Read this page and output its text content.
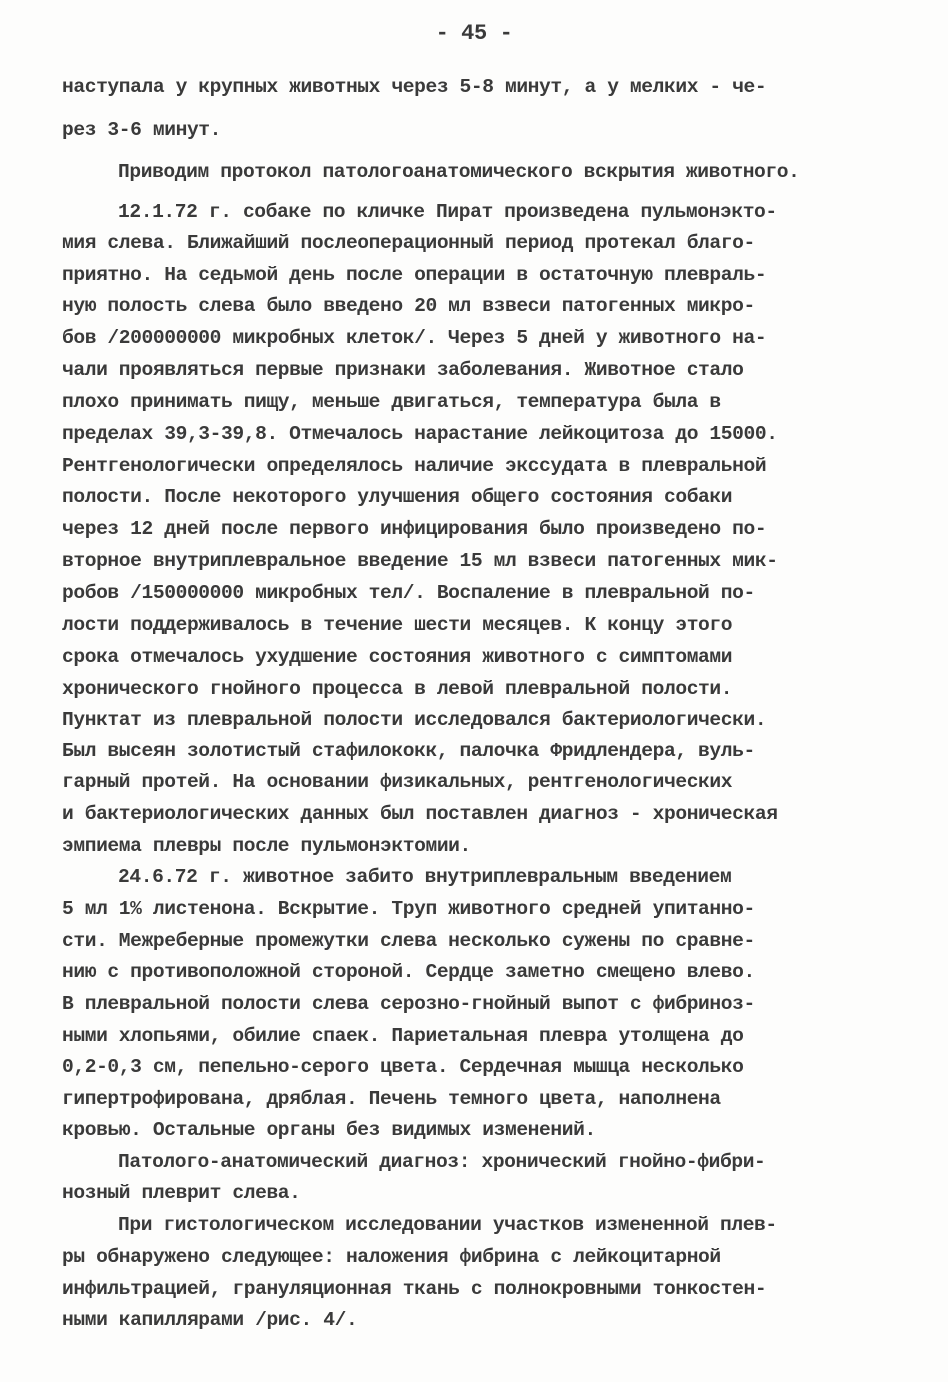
- 45 -
наступала у крупных животных через 5-8 минут, а у мелких - че-
рез 3-6 минут.
Приводим протокол патологоанатомического вскрытия животного.
12.1.72 г. собаке по кличке Пират произведена пульмонэкто-
мия слева. Ближайший послеоперационный период протекал благо-
приятно. На седьмой день после операции в остаточную плевраль-
ную полость слева было введено 20 мл взвеси патогенных микро-
бов /200000000 микробных клеток/. Через 5 дней у животного на-
чали проявляться первые признаки заболевания. Животное стало
плохо принимать пищу, меньше двигаться, температура была в
пределах 39,3-39,8. Отмечалось нарастание лейкоцитоза до 15000.
Рентгенологически определялось наличие экссудата в плевральной
полости. После некоторого улучшения общего состояния собаки
через 12 дней после первого инфицирования было произведено по-
вторное внутриплевральное введение 15 мл взвеси патогенных мик-
робов /150000000 микробных тел/. Воспаление в плевральной по-
лости поддерживалось в течение шести месяцев. К концу этого
срока отмечалось ухудшение состояния животного с симптомами
хронического гнойного процесса в левой плевральной полости.
Пунктат из плевральной полости исследовался бактериологически.
Был высеян золотистый стафилококк, палочка Фридлендера, вуль-
гарный протей. На основании физикальных, рентгенологических
и бактериологических данных был поставлен диагноз - хроническая
эмпиема плевры после пульмонэктомии.
24.6.72 г. животное забито внутриплевральным введением
5 мл 1% листенона. Вскрытие. Труп животного средней упитанно-
сти. Межреберные промежутки слева несколько сужены по сравне-
нию с противоположной стороной. Сердце заметно смещено влево.
В плевральной полости слева серозно-гнойный выпот с фибриноз-
ными хлопьями, обилие спаек. Париетальная плевра утолщена до
0,2-0,3 см, пепельно-серого цвета. Сердечная мышца несколько
гипертрофирована, дряблая. Печень темного цвета, наполнена
кровью. Остальные органы без видимых изменений.
Патолого-анатомический диагноз: хронический гнойно-фибри-
нозный плеврит слева.
При гистологическом исследовании участков измененной плев-
ры обнаружено следующее: наложения фибрина с лейкоцитарной
инфильтрацией, грануляционная ткань с полнокровными тонкостен-
ными капиллярами /рис. 4/.
